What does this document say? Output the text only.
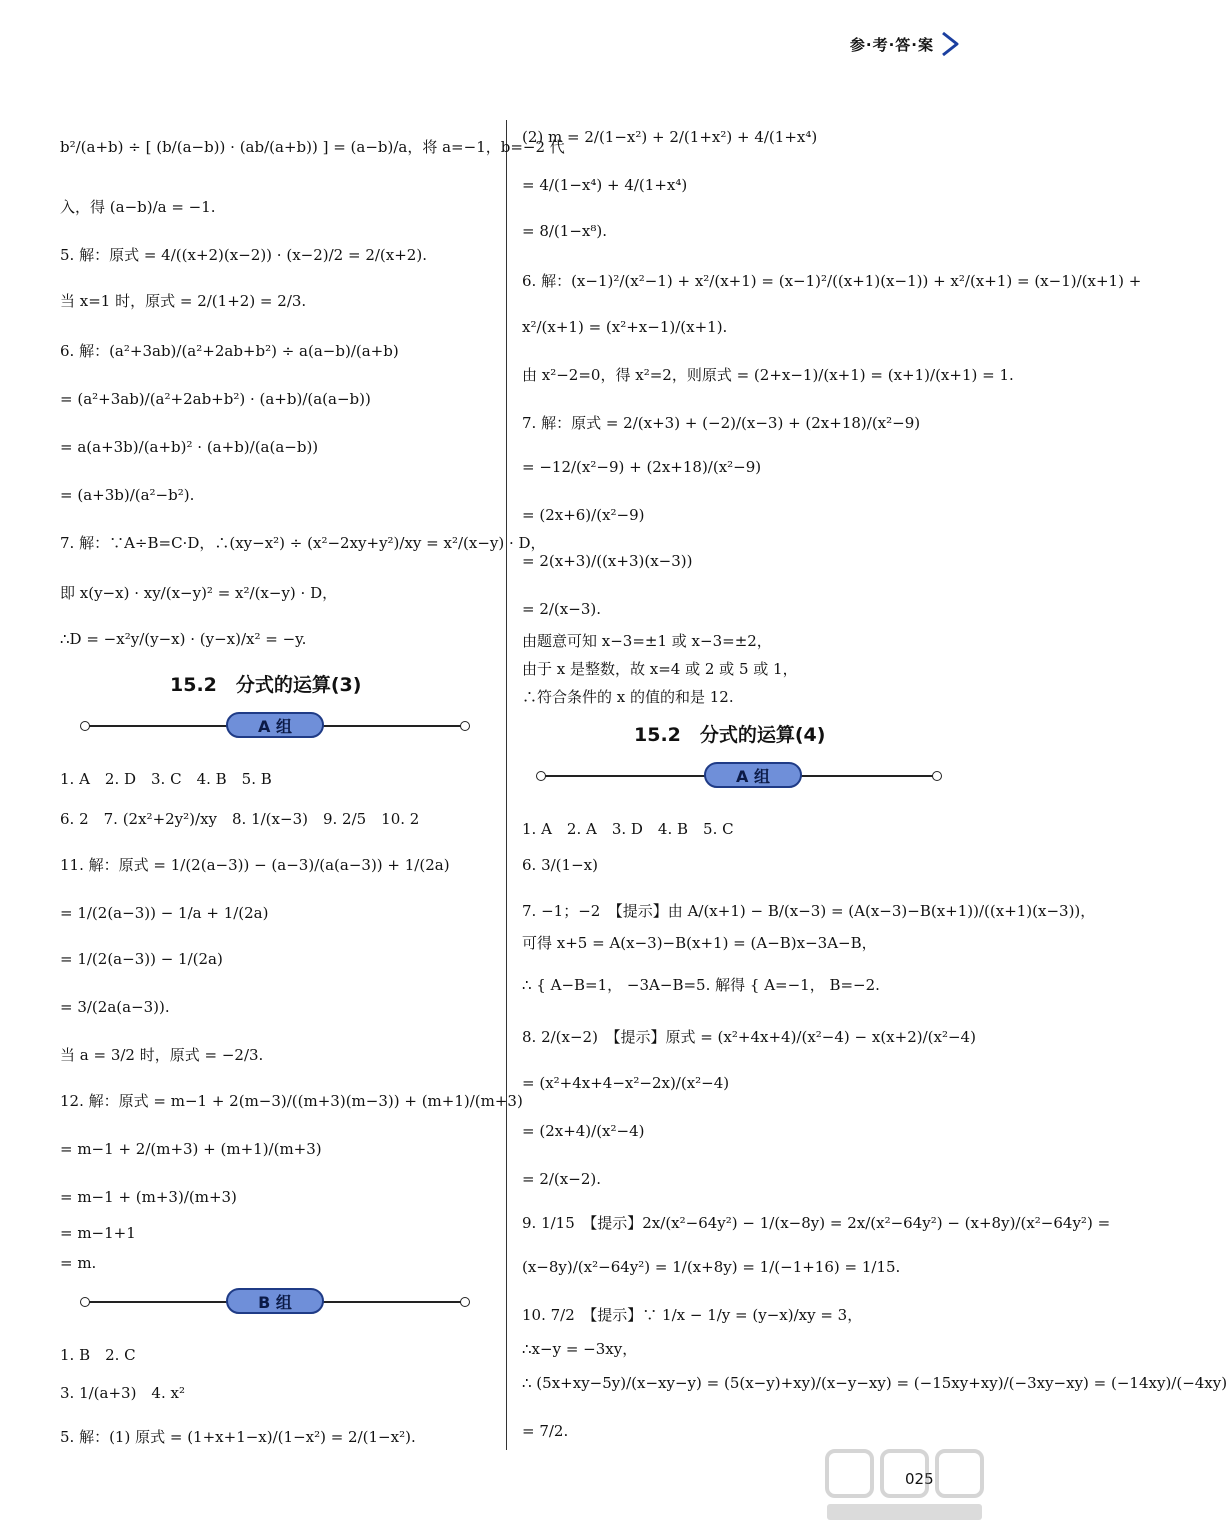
参·考·答·案
b²/(a+b) ÷ [ (b/(a−b)) · (ab/(a+b)) ] = (a−b)/a，将 a=−1，b=−2 代
入，得 (a−b)/a = −1.
5. 解：原式 = 4/((x+2)(x−2)) · (x−2)/2 = 2/(x+2).
当 x=1 时，原式 = 2/(1+2) = 2/3.
6. 解：(a²+3ab)/(a²+2ab+b²) ÷ a(a−b)/(a+b)
= (a²+3ab)/(a²+2ab+b²) · (a+b)/(a(a−b))
= a(a+3b)/(a+b)² · (a+b)/(a(a−b))
= (a+3b)/(a²−b²).
7. 解：∵A÷B=C·D，∴(xy−x²) ÷ (x²−2xy+y²)/xy = x²/(x−y) · D，
即 x(y−x) · xy/(x−y)² = x²/(x−y) · D，
∴D = −x²y/(y−x) · (y−x)/x² = −y.
15.2　分式的运算(3)
A 组
1. A　2. D　3. C　4. B　5. B
6. 2　7. (2x²+2y²)/xy　8. 1/(x−3)　9. 2/5　10. 2
11. 解：原式 = 1/(2(a−3)) − (a−3)/(a(a−3)) + 1/(2a)
= 1/(2(a−3)) − 1/a + 1/(2a)
= 1/(2(a−3)) − 1/(2a)
= 3/(2a(a−3)).
当 a = 3/2 时，原式 = −2/3.
12. 解：原式 = m−1 + 2(m−3)/((m+3)(m−3)) + (m+1)/(m+3)
= m−1 + 2/(m+3) + (m+1)/(m+3)
= m−1 + (m+3)/(m+3)
= m−1+1
= m.
B 组
1. B　2. C
3. 1/(a+3)　4. x²
5. 解：(1) 原式 = (1+x+1−x)/(1−x²) = 2/(1−x²).
(2) m = 2/(1−x²) + 2/(1+x²) + 4/(1+x⁴)
= 4/(1−x⁴) + 4/(1+x⁴)
= 8/(1−x⁸).
6. 解：(x−1)²/(x²−1) + x²/(x+1) = (x−1)²/((x+1)(x−1)) + x²/(x+1) = (x−1)/(x+1) +
x²/(x+1) = (x²+x−1)/(x+1).
由 x²−2=0，得 x²=2，则原式 = (2+x−1)/(x+1) = (x+1)/(x+1) = 1.
7. 解：原式 = 2/(x+3) + (−2)/(x−3) + (2x+18)/(x²−9)
= −12/(x²−9) + (2x+18)/(x²−9)
= (2x+6)/(x²−9)
= 2(x+3)/((x+3)(x−3))
= 2/(x−3).
由题意可知 x−3=±1 或 x−3=±2，
由于 x 是整数，故 x=4 或 2 或 5 或 1，
∴符合条件的 x 的值的和是 12.
15.2　分式的运算(4)
A 组
1. A　2. A　3. D　4. B　5. C
6. 3/(1−x)
7. −1；−2　【提示】由 A/(x+1) − B/(x−3) = (A(x−3)−B(x+1))/((x+1)(x−3))，
可得 x+5 = A(x−3)−B(x+1) = (A−B)x−3A−B，
∴ { A−B=1， −3A−B=5. 解得 { A=−1， B=−2.
8. 2/(x−2)　【提示】原式 = (x²+4x+4)/(x²−4) − x(x+2)/(x²−4)
= (x²+4x+4−x²−2x)/(x²−4)
= (2x+4)/(x²−4)
= 2/(x−2).
9. 1/15　【提示】2x/(x²−64y²) − 1/(x−8y) = 2x/(x²−64y²) − (x+8y)/(x²−64y²) =
(x−8y)/(x²−64y²) = 1/(x+8y) = 1/(−1+16) = 1/15.
10. 7/2　【提示】∵ 1/x − 1/y = (y−x)/xy = 3，
∴x−y = −3xy，
∴ (5x+xy−5y)/(x−xy−y) = (5(x−y)+xy)/(x−y−xy) = (−15xy+xy)/(−3xy−xy) = (−14xy)/(−4xy)
= 7/2.
025
